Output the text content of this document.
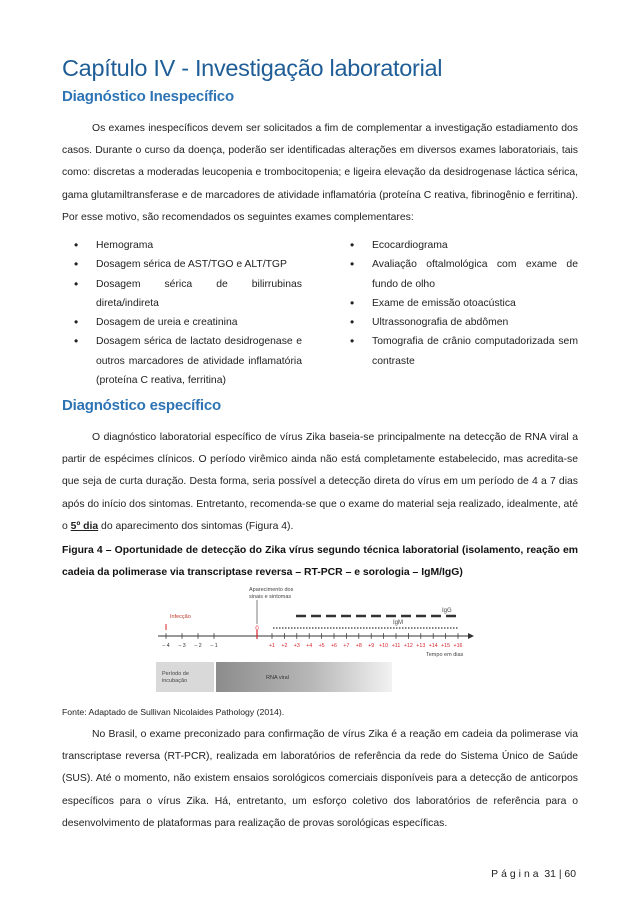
Capítulo IV - Investigação laboratorial
Diagnóstico Inespecífico

Os exames inespecíficos devem ser solicitados a fim de complementar a investigação estadiamento dos casos. Durante o curso da doença, poderão ser identificadas alterações em diversos exames laboratoriais, tais como: discretas a moderadas leucopenia e trombocitopenia; e ligeira elevação da desidrogenase láctica sérica, gama glutamiltransferase e de marcadores de atividade inflamatória (proteína C reativa, fibrinogênio e ferritina). Por esse motivo, são recomendados os seguintes exames complementares:

• Hemograma
• Dosagem sérica de AST/TGO e ALT/TGP
• Dosagem sérica de bilirrubinas direta/indireta
• Dosagem de ureia e creatinina
• Dosagem sérica de lactato desidrogenase e outros marcadores de atividade inflamatória (proteína C reativa, ferritina)
• Ecocardiograma
• Avaliação oftalmológica com exame de fundo de olho
• Exame de emissão otoacústica
• Ultrassonografia de abdômen
• Tomografia de crânio computadorizada sem contraste
Diagnóstico específico

O diagnóstico laboratorial específico de vírus Zika baseia-se principalmente na detecção de RNA viral a partir de espécimes clínicos. O período virêmico ainda não está completamente estabelecido, mas acredita-se que seja de curta duração. Desta forma, seria possível a detecção direta do vírus em um período de 4 a 7 dias após do início dos sintomas. Entretanto, recomenda-se que o exame do material seja realizado, idealmente, até o 5º dia do aparecimento dos sintomas (Figura 4).

Figura 4 – Oportunidade de detecção do Zika vírus segundo técnica laboratorial (isolamento, reação em cadeia da polimerase via transcriptase reversa – RT-PCR – e sorologia – IgM/IgG)

Aparecimento dos
sinais e sintomas
Infecção
IgG
IgM
– 4 – 3 – 2 – 1
0
+1 +2 +3 +4 +5 +6 +7 +8 +9 +10 +11 +12 +13 +14 +15 +16
Tempo em dias
Período de
incubação	RNA viral
Fonte: Adaptado de Sullivan Nicolaides Pathology (2014).

No Brasil, o exame preconizado para confirmação de vírus Zika é a reação em cadeia da polimerase via transcriptase reversa (RT-PCR), realizada em laboratórios de referência da rede do Sistema Único de Saúde (SUS). Até o momento, não existem ensaios sorológicos comerciais disponíveis para a detecção de anticorpos específicos para o vírus Zika. Há, entretanto, um esforço coletivo dos laboratórios de referência para o desenvolvimento de plataformas para realização de provas sorológicas específicas.

Página 31 | 60
